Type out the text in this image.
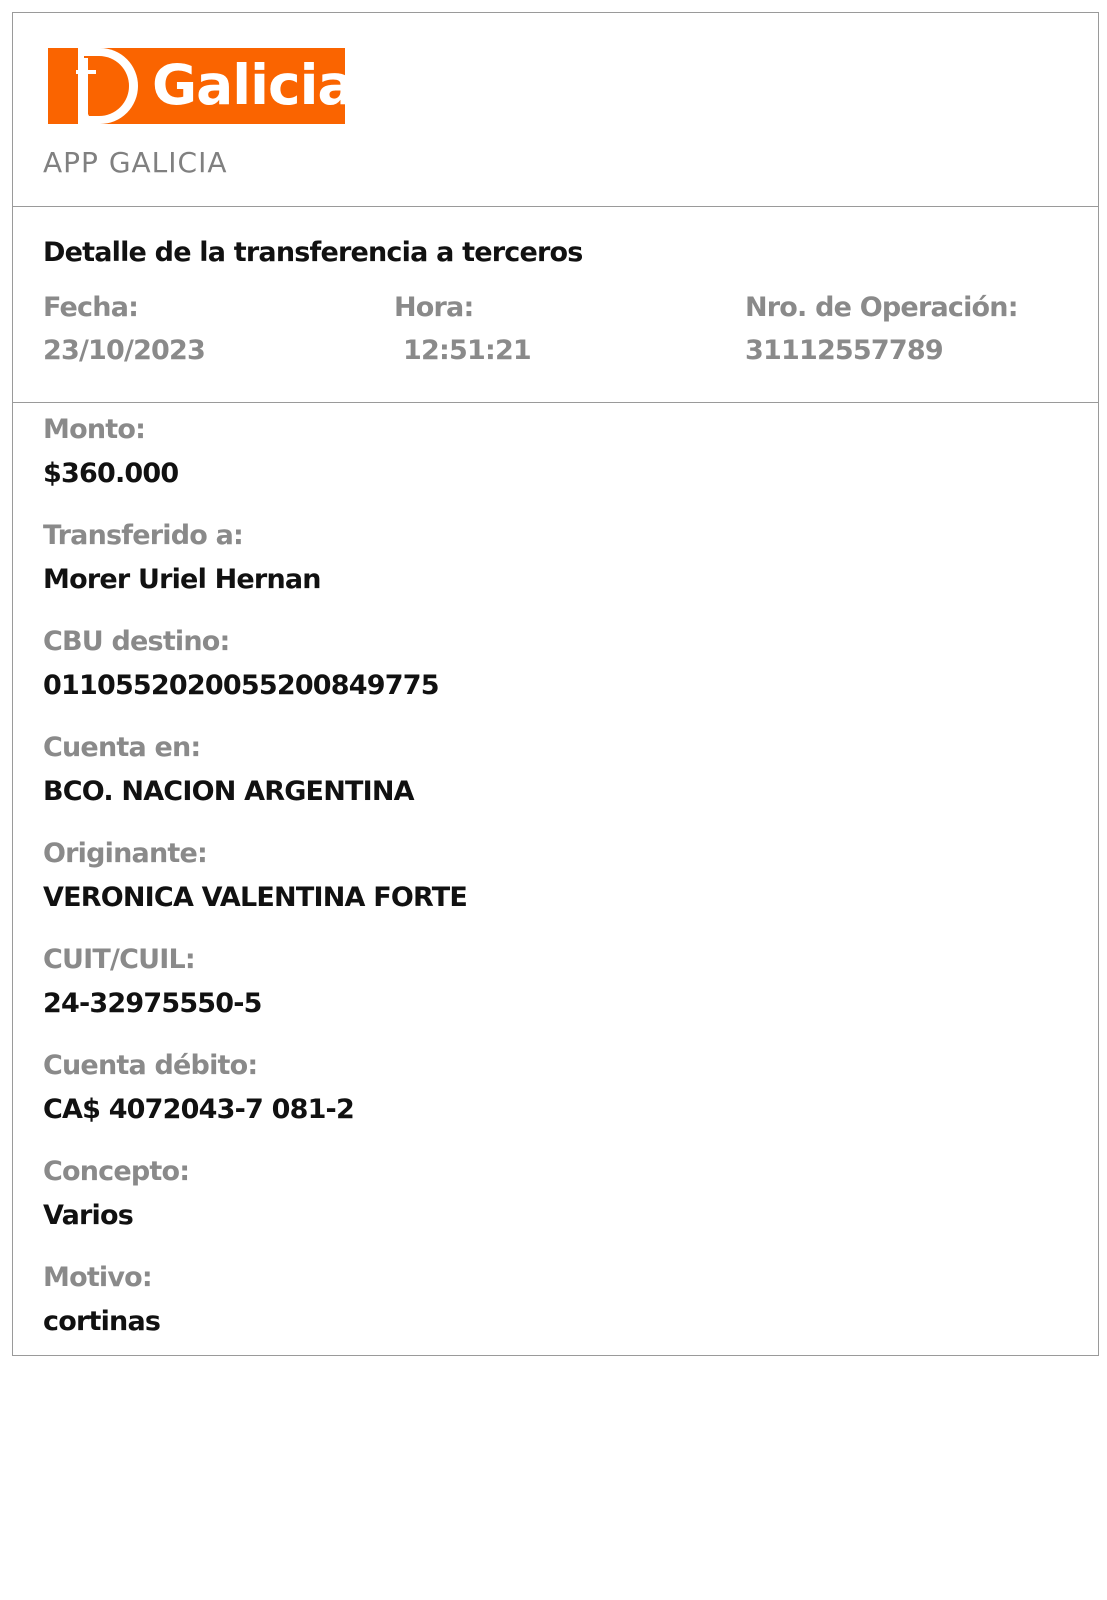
Galicia
APP GALICIA
Detalle de la transferencia a terceros
Fecha:
23/10/2023
Hora:
12:51:21
Nro. de Operación:
31112557789
Monto:
$360.000
Transferido a:
Morer Uriel Hernan
CBU destino:
0110552020055200849775
Cuenta en:
BCO. NACION ARGENTINA
Originante:
VERONICA VALENTINA FORTE
CUIT/CUIL:
24-32975550-5
Cuenta débito:
CA$ 4072043-7 081-2
Concepto:
Varios
Motivo:
cortinas
